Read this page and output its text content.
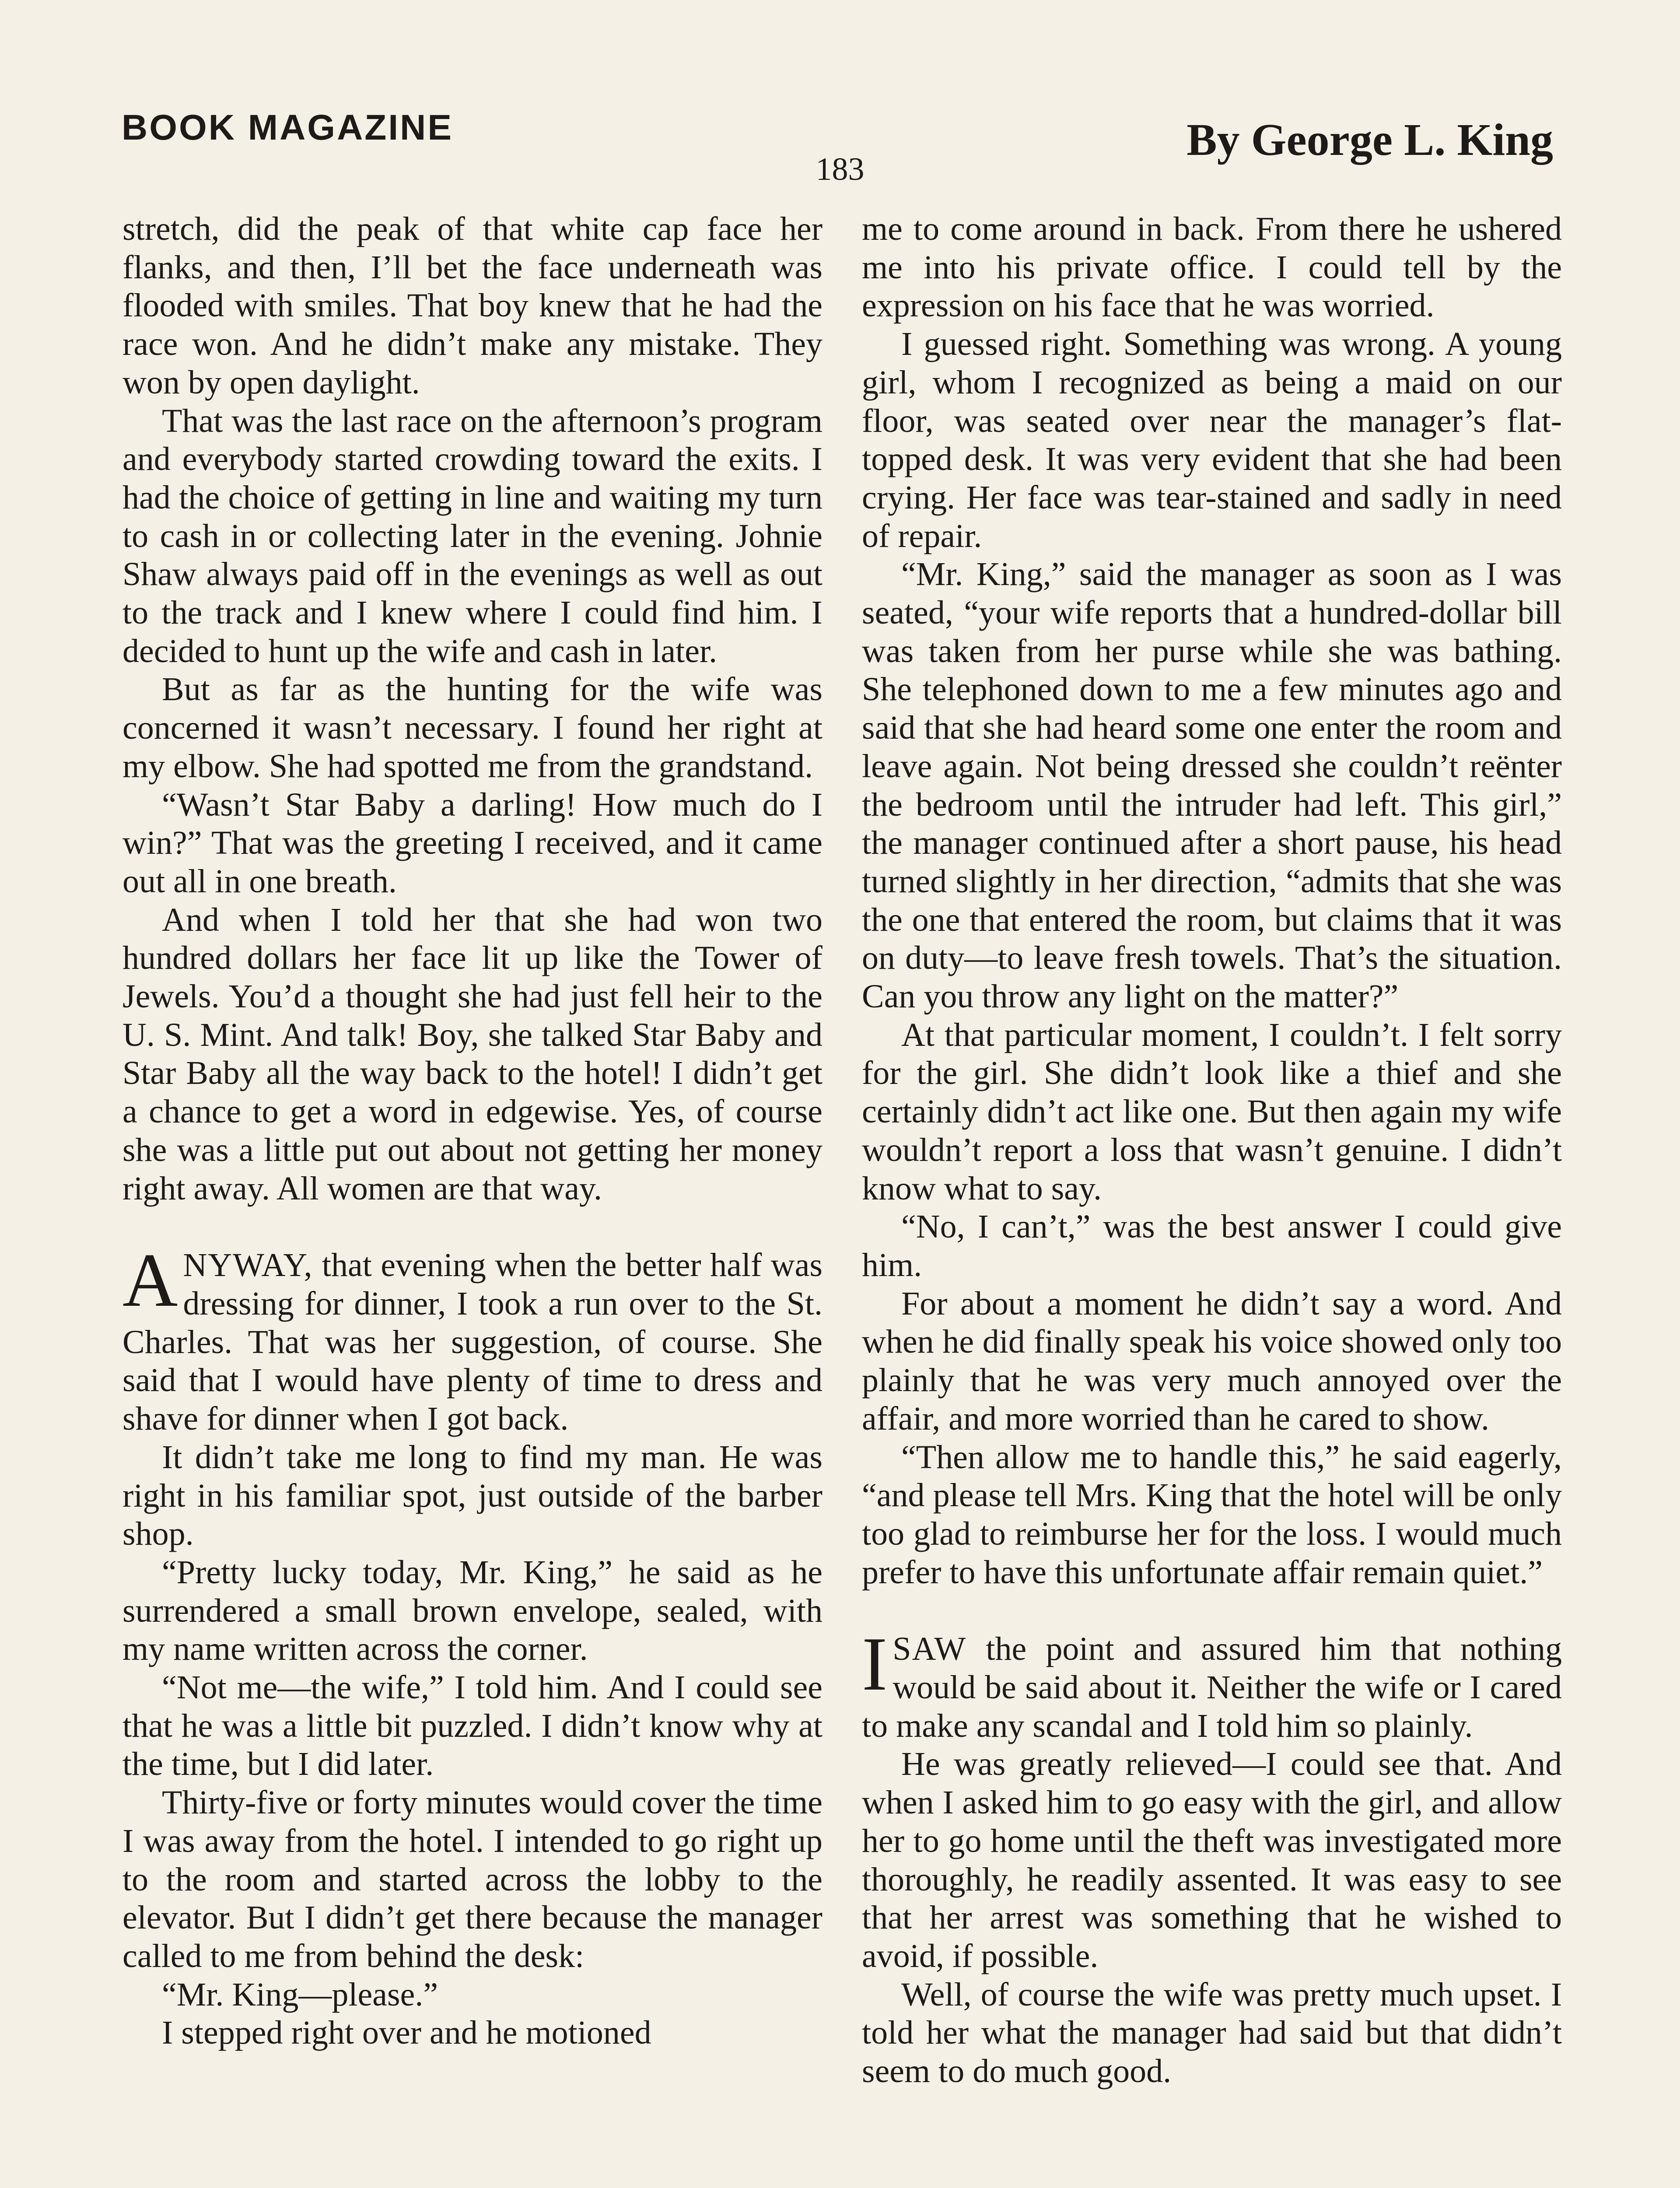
BOOK MAGAZINE	By George L. King
183

stretch, did the peak of that white cap face her flanks, and then, I’ll bet the face underneath was flooded with smiles. That boy knew that he had the race won. And he didn’t make any mistake. They won by open daylight.

That was the last race on the afternoon’s program and everybody started crowding toward the exits. I had the choice of getting in line and waiting my turn to cash in or collecting later in the evening. Johnie Shaw always paid off in the evenings as well as out to the track and I knew where I could find him. I decided to hunt up the wife and cash in later.

But as far as the hunting for the wife was concerned it wasn’t necessary. I found her right at my elbow. She had spotted me from the grandstand.

“Wasn’t Star Baby a darling! How much do I win?” That was the greeting I received, and it came out all in one breath.

And when I told her that she had won two hundred dollars her face lit up like the Tower of Jewels. You’d a thought she had just fell heir to the U. S. Mint. And talk! Boy, she talked Star Baby and Star Baby all the way back to the hotel! I didn’t get a chance to get a word in edgewise. Yes, of course she was a little put out about not getting her money right away. All women are that way.

ANYWAY, that evening when the better half was dressing for dinner, I took a run over to the St. Charles. That was her suggestion, of course. She said that I would have plenty of time to dress and shave for dinner when I got back.

It didn’t take me long to find my man. He was right in his familiar spot, just outside of the barber shop.

“Pretty lucky today, Mr. King,” he said as he surrendered a small brown envelope, sealed, with my name written across the corner.

“Not me—the wife,” I told him. And I could see that he was a little bit puzzled. I didn’t know why at the time, but I did later.

Thirty-five or forty minutes would cover the time I was away from the hotel. I intended to go right up to the room and started across the lobby to the elevator. But I didn’t get there because the manager called to me from behind the desk:

“Mr. King—please.”

I stepped right over and he motioned

me to come around in back. From there he ushered me into his private office. I could tell by the expression on his face that he was worried.

I guessed right. Something was wrong. A young girl, whom I recognized as being a maid on our floor, was seated over near the manager’s flat-topped desk. It was very evident that she had been crying. Her face was tear-stained and sadly in need of repair.

“Mr. King,” said the manager as soon as I was seated, “your wife reports that a hundred-dollar bill was taken from her purse while she was bathing. She telephoned down to me a few minutes ago and said that she had heard some one enter the room and leave again. Not being dressed she couldn’t reënter the bedroom until the intruder had left. This girl,” the manager continued after a short pause, his head turned slightly in her direction, “admits that she was the one that entered the room, but claims that it was on duty—to leave fresh towels. That’s the situation. Can you throw any light on the matter?”

At that particular moment, I couldn’t. I felt sorry for the girl. She didn’t look like a thief and she certainly didn’t act like one. But then again my wife wouldn’t report a loss that wasn’t genuine. I didn’t know what to say.

“No, I can’t,” was the best answer I could give him.

For about a moment he didn’t say a word. And when he did finally speak his voice showed only too plainly that he was very much annoyed over the affair, and more worried than he cared to show.

“Then allow me to handle this,” he said eagerly, “and please tell Mrs. King that the hotel will be only too glad to reimburse her for the loss. I would much prefer to have this unfortunate affair remain quiet.”

ISAW the point and assured him that nothing would be said about it. Neither the wife or I cared to make any scandal and I told him so plainly.

He was greatly relieved—I could see that. And when I asked him to go easy with the girl, and allow her to go home until the theft was investigated more thoroughly, he readily assented. It was easy to see that her arrest was something that he wished to avoid, if possible.

Well, of course the wife was pretty much upset. I told her what the manager had said but that didn’t seem to do much good.
